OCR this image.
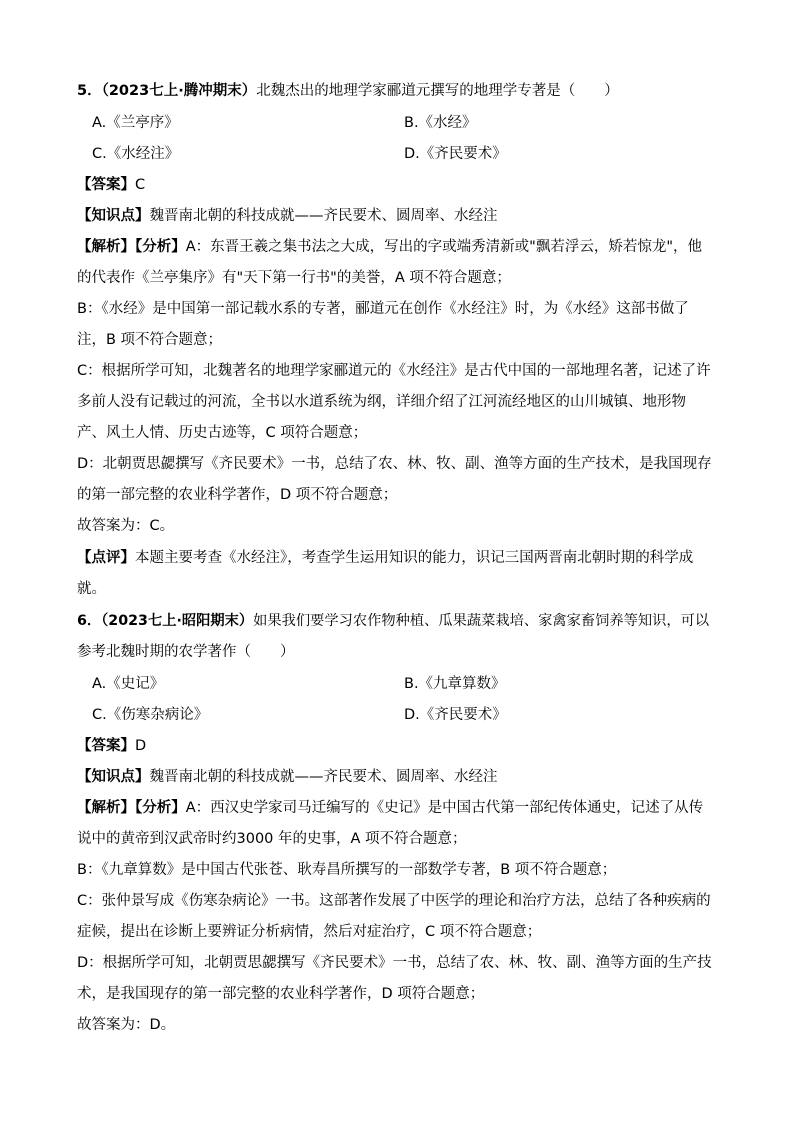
5．（2023七上·腾冲期末）北魏杰出的地理学家郦道元撰写的地理学专著是（　　）
A.《兰亭序》	B.《水经》
C.《水经注》	D.《齐民要术》
【答案】C
【知识点】魏晋南北朝的科技成就——齐民要术、圆周率、水经注
【解析】【分析】A：东晋王羲之集书法之大成，写出的字或端秀清新或"飘若浮云，矫若惊龙"，他
的代表作《兰亭集序》有"天下第一行书"的美誉，A 项不符合题意；
B：《水经》是中国第一部记载水系的专著，郦道元在创作《水经注》时，为《水经》这部书做了
注，B 项不符合题意；
C：根据所学可知，北魏著名的地理学家郦道元的《水经注》是古代中国的一部地理名著，记述了许
多前人没有记载过的河流，全书以水道系统为纲，详细介绍了江河流经地区的山川城镇、地形物
产、风土人情、历史古迹等，C 项符合题意；
D：北朝贾思勰撰写《齐民要术》一书，总结了农、林、牧、副、渔等方面的生产技术，是我国现存
的第一部完整的农业科学著作，D 项不符合题意；
故答案为：C。
【点评】本题主要考查《水经注》，考查学生运用知识的能力，识记三国两晋南北朝时期的科学成
就。
6．（2023七上·昭阳期末）如果我们要学习农作物种植、瓜果蔬菜栽培、家禽家畜饲养等知识，可以
参考北魏时期的农学著作（　　）
A.《史记》	B.《九章算数》
C.《伤寒杂病论》	D.《齐民要术》
【答案】D
【知识点】魏晋南北朝的科技成就——齐民要术、圆周率、水经注
【解析】【分析】A：西汉史学家司马迁编写的《史记》是中国古代第一部纪传体通史，记述了从传
说中的黄帝到汉武帝时约3000 年的史事，A 项不符合题意；
B：《九章算数》是中国古代张苍、耿寿昌所撰写的一部数学专著，B 项不符合题意；
C：张仲景写成《伤寒杂病论》一书。这部著作发展了中医学的理论和治疗方法，总结了各种疾病的
症候，提出在诊断上要辨证分析病情，然后对症治疗，C 项不符合题意；
D：根据所学可知，北朝贾思勰撰写《齐民要术》一书，总结了农、林、牧、副、渔等方面的生产技
术，是我国现存的第一部完整的农业科学著作，D 项符合题意；
故答案为：D。
